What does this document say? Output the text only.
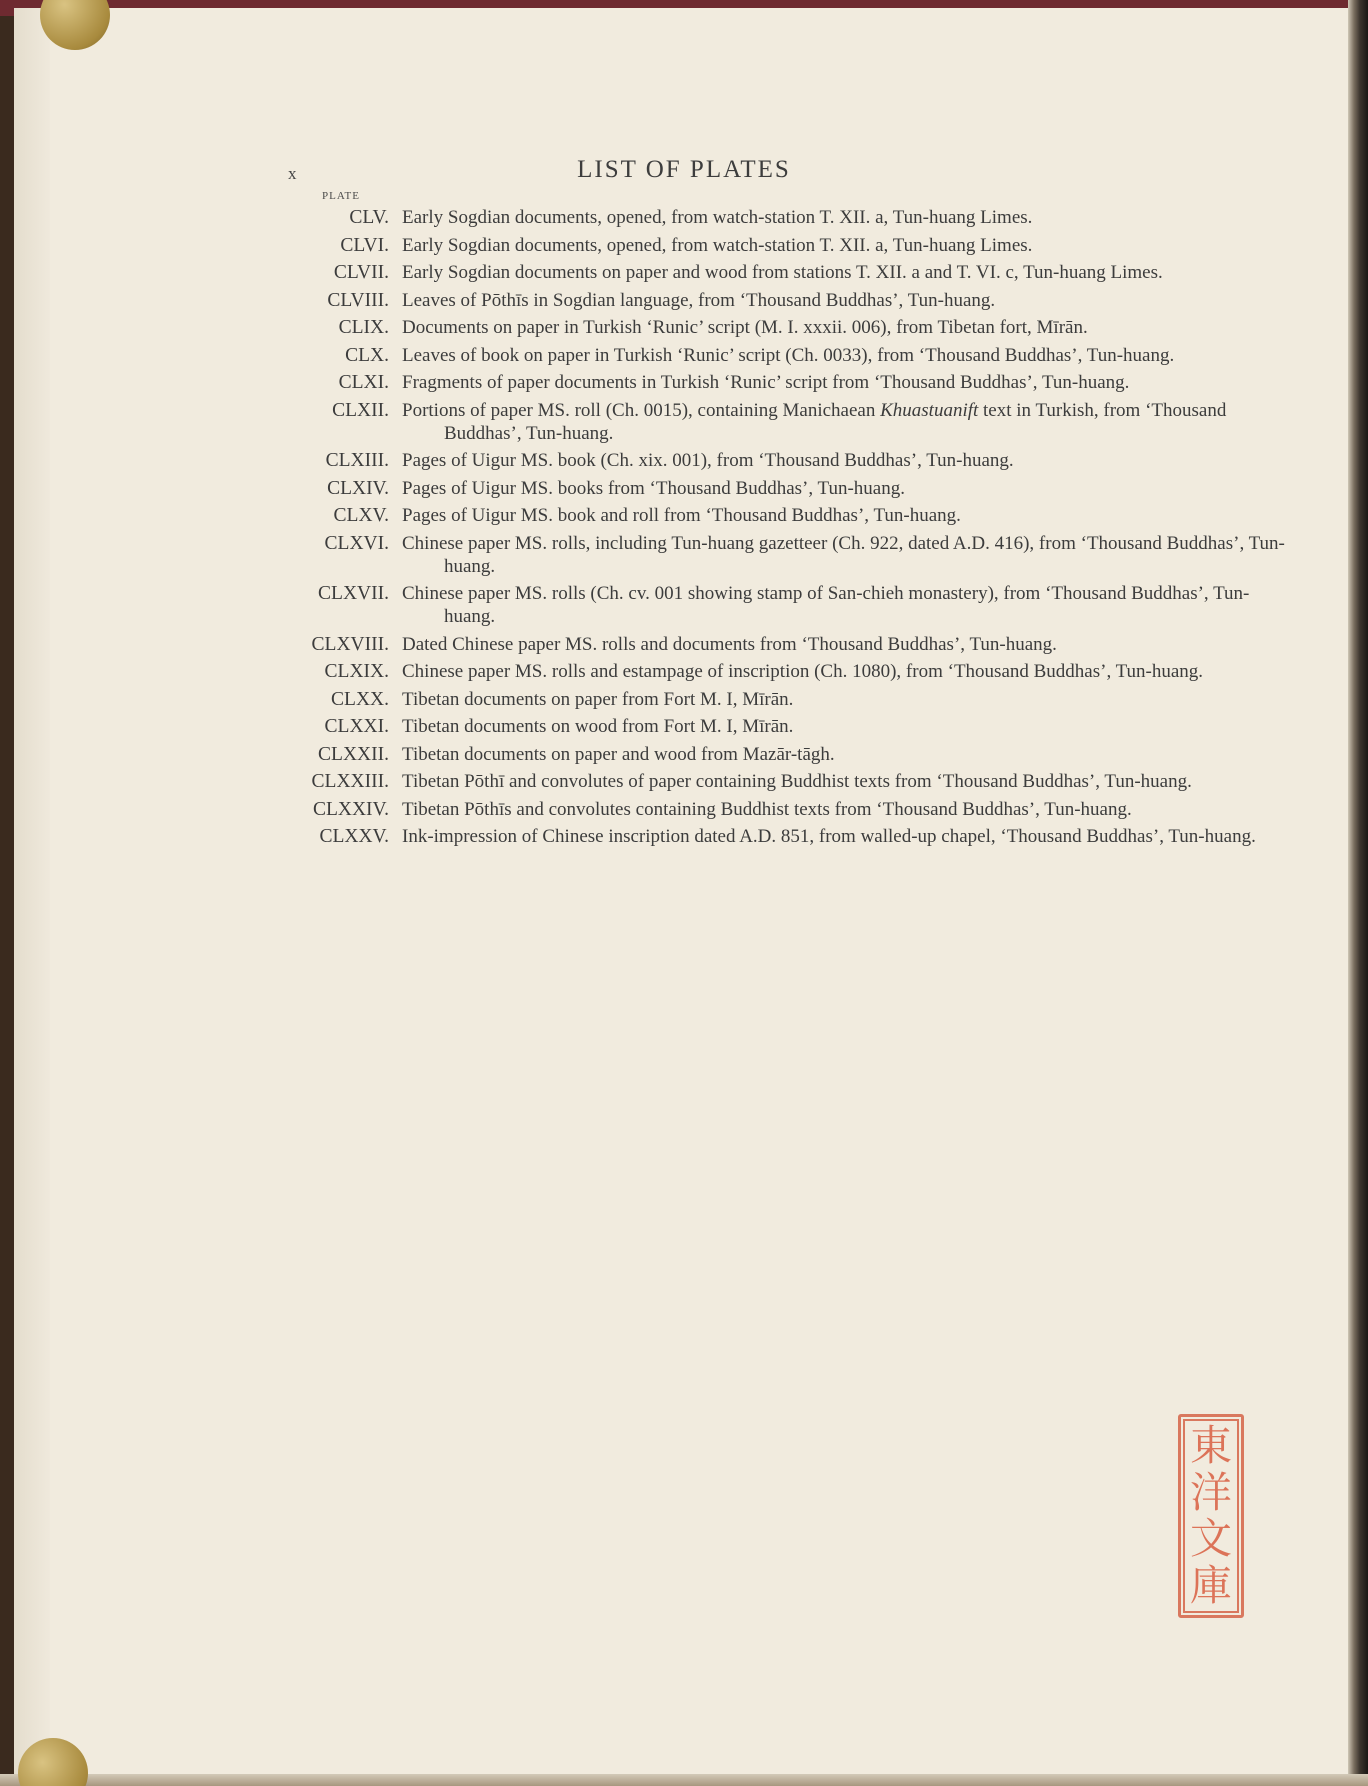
x	LIST OF PLATES
PLATE
CLV. Early Sogdian documents, opened, from watch-station T. XII. a, Tun-huang Limes.
CLVI. Early Sogdian documents, opened, from watch-station T. XII. a, Tun-huang Limes.
CLVII. Early Sogdian documents on paper and wood from stations T. XII. a and T. VI. c, Tun-huang Limes.
CLVIII. Leaves of Pōthīs in Sogdian language, from ‘Thousand Buddhas’, Tun-huang.
CLIX. Documents on paper in Turkish ‘Runic’ script (M. I. xxxii. 006), from Tibetan fort, Mīrān.
CLX. Leaves of book on paper in Turkish ‘Runic’ script (Ch. 0033), from ‘Thousand Buddhas’, Tun-huang.
CLXI. Fragments of paper documents in Turkish ‘Runic’ script from ‘Thousand Buddhas’, Tun-huang.
CLXII. Portions of paper MS. roll (Ch. 0015), containing Manichaean Khuastuanift text in Turkish, from ‘Thousand Buddhas’, Tun-huang.
CLXIII. Pages of Uigur MS. book (Ch. xix. 001), from ‘Thousand Buddhas’, Tun-huang.
CLXIV. Pages of Uigur MS. books from ‘Thousand Buddhas’, Tun-huang.
CLXV. Pages of Uigur MS. book and roll from ‘Thousand Buddhas’, Tun-huang.
CLXVI. Chinese paper MS. rolls, including Tun-huang gazetteer (Ch. 922, dated A.D. 416), from ‘Thousand Buddhas’, Tun-huang.
CLXVII. Chinese paper MS. rolls (Ch. cv. 001 showing stamp of San-chieh monastery), from ‘Thousand Buddhas’, Tun-huang.
CLXVIII. Dated Chinese paper MS. rolls and documents from ‘Thousand Buddhas’, Tun-huang.
CLXIX. Chinese paper MS. rolls and estampage of inscription (Ch. 1080), from ‘Thousand Buddhas’, Tun-huang.
CLXX. Tibetan documents on paper from Fort M. I, Mīrān.
CLXXI. Tibetan documents on wood from Fort M. I, Mīrān.
CLXXII. Tibetan documents on paper and wood from Mazār-tāgh.
CLXXIII. Tibetan Pōthī and convolutes of paper containing Buddhist texts from ‘Thousand Buddhas’, Tun-huang.
CLXXIV. Tibetan Pōthīs and convolutes containing Buddhist texts from ‘Thousand Buddhas’, Tun-huang.
CLXXV. Ink-impression of Chinese inscription dated A.D. 851, from walled-up chapel, ‘Thousand Buddhas’, Tun-huang.
東
洋
文
庫
